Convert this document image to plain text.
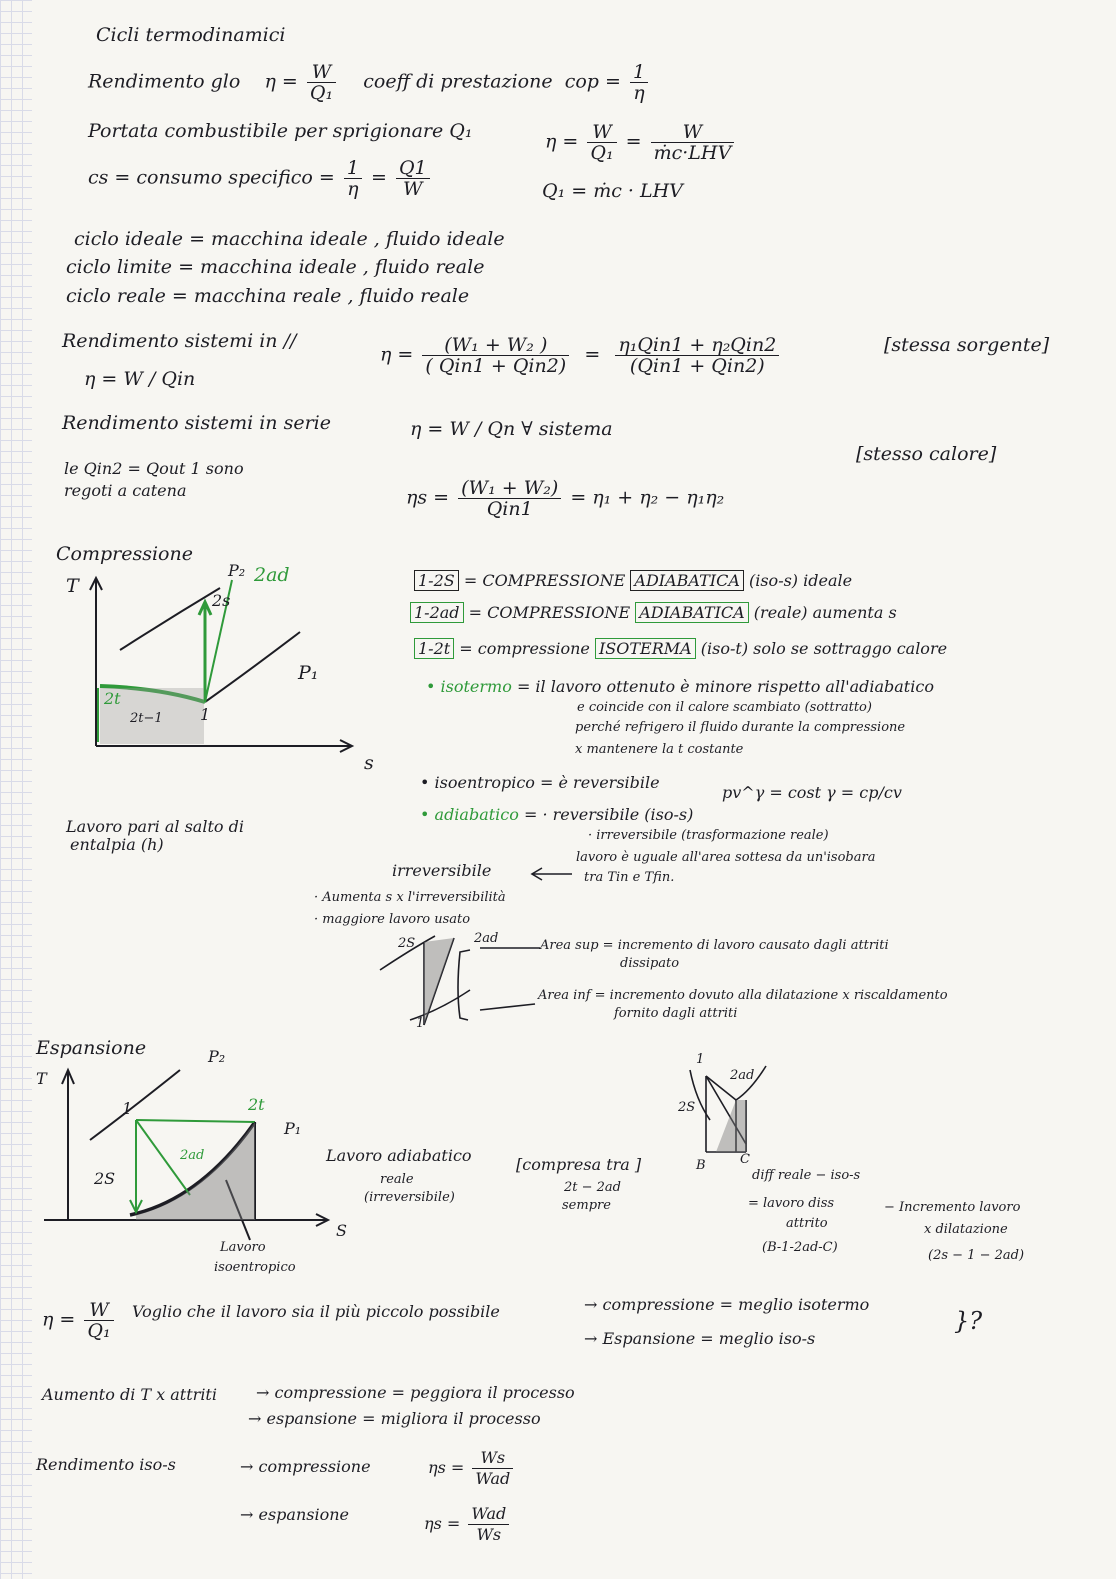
Cicli termodinamici
Rendimento glo $\eta = \frac{W}{\text{Q₁}}$ coeff di prestazione cop = $\frac{1}{\eta}$
Portata combustibile per sprigionare Q₁	$\eta = \frac{W}{\text{Q₁}} = \frac{W}{\text{ṁc·LHV}}$
cs = consumo specifico = $\frac{1}{\eta} = \frac{Q1}{W}$	Q₁ = ṁc · LHV
ciclo ideale = macchina ideale , fluido ideale
ciclo limite = macchina ideale , fluido reale
ciclo reale = macchina reale , fluido reale
Rendimento sistemi in //
η = W / Qin
$\eta = \frac{\text{(W₁ + W₂ )}}{\text{( Qin1 + Qin2)}} = \frac{\text{η₁Qin1 + η₂Qin2}}{\text{(Qin1 + Qin2)}}$	[stessa sorgente]
Rendimento sistemi in serie	η = W / Qn ∀ sistema
[stesso calore]
le Qin2 = Qout 1 sono
regoti a catena	$\eta s = \frac{\text{(W₁ + W₂)}}{\text{Qin1}} = \eta_1 + \eta_2 - \eta_1\eta_2$
Compressione
T
s
P₂ 2ad
2s
P₁
2t
1
2t−1
Lavoro pari al salto di
entalpia (h)
1-2S = COMPRESSIONE ADIABATICA (iso-s) ideale
1-2ad = COMPRESSIONE ADIABATICA (reale) aumenta s
1-2t = compressione ISOTERMA (iso-t) solo se sottraggo calore
• isotermo = il lavoro ottenuto è minore rispetto all'adiabatico
e coincide con il calore scambiato (sottratto)
perché refrigero il fluido durante la compressione
x mantenere la t costante
• isoentropico = è reversibile
pv^γ = cost γ = cp/cv
• adiabatico = · reversibile (iso-s)
· irreversibile (trasformazione reale)
irreversibile
lavoro è uguale all'area sottesa da un'isobara
tra Tin e Tfin.
· Aumenta s x l'irreversibilità
· maggiore lavoro usato
2S	2ad
1
Area sup = incremento di lavoro causato dagli attriti
dissipato
Area inf = incremento dovuto alla dilatazione x riscaldamento
fornito dagli attriti
Espansione
T
S
P₂
P₁
1	2t
2ad
2S
Lavoro
isoentropico
Lavoro adiabatico
reale
(irreversibile)
[compresa tra ]
2t − 2ad
sempre
1
2ad
2S
B	C
diff reale − iso-s
= lavoro diss
attrito
(B-1-2ad-C)
− Incremento lavoro
x dilatazione
(2s − 1 − 2ad)
$\eta = \frac{W}{\text{Q₁}}$ Voglio che il lavoro sia il più piccolo possibile	→ compressione = meglio isotermo
→ Espansione = meglio iso-s
}?
Aumento di T x attriti → compressione = peggiora il processo
→ espansione = migliora il processo
Rendimento iso-s	→ compressione	$\eta s = \frac{Ws}{\text{Wad}}$
→ espansione	$\eta s = \frac{\text{Wad}}{Ws}$
